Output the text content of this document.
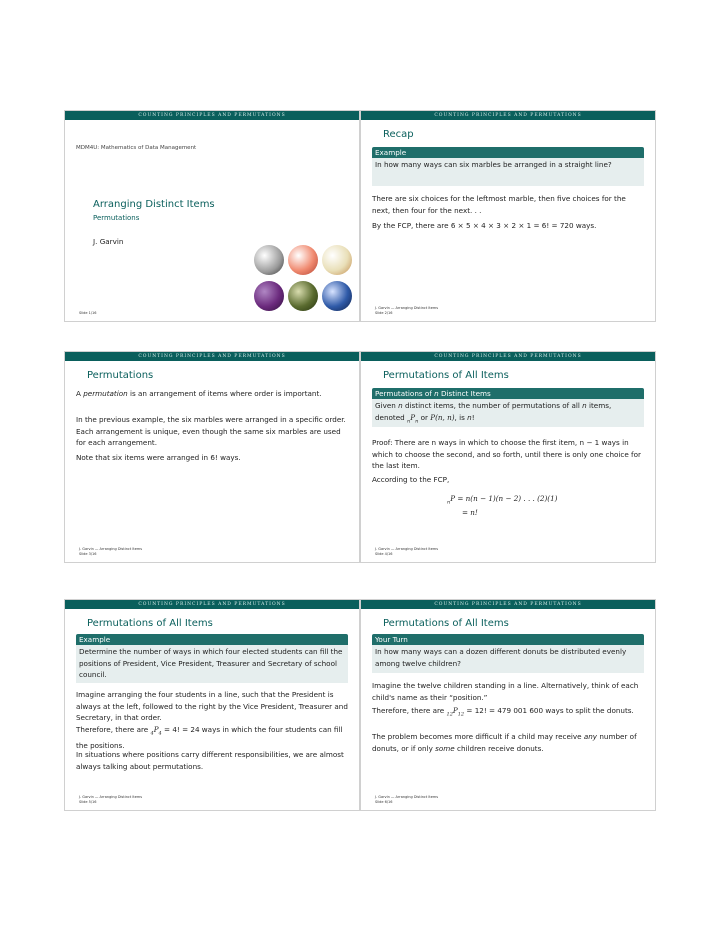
COUNTING PRINCIPLES AND PERMUTATIONS
MDM4U: Mathematics of Data Management
Arranging Distinct Items
Permutations
J. Garvin
Slide 1/16
COUNTING PRINCIPLES AND PERMUTATIONS
Recap
Example
In how many ways can six marbles be arranged in a straight line?
There are six choices for the leftmost marble, then five choices for the next, then four for the next. . .
By the FCP, there are 6 × 5 × 4 × 3 × 2 × 1 = 6! = 720 ways.
J. Garvin — Arranging Distinct Items
Slide 2/16
COUNTING PRINCIPLES AND PERMUTATIONS
Permutations
A permutation is an arrangement of items where order is important.
In the previous example, the six marbles were arranged in a specific order. Each arrangement is unique, even though the same six marbles are used for each arrangement.
Note that six items were arranged in 6! ways.
J. Garvin — Arranging Distinct Items
Slide 3/16
COUNTING PRINCIPLES AND PERMUTATIONS
Permutations of All Items
Permutations of n Distinct Items
Given n distinct items, the number of permutations of all n items, denoted $_nP_n$ or P(n, n), is n!
Proof: There are n ways in which to choose the first item, n − 1 ways in which to choose the second, and so forth, until there is only one choice for the last item.
According to the FCP,
$_n$P = n(n − 1)(n − 2) . . . (2)(1)
= n!
J. Garvin — Arranging Distinct Items
Slide 4/16
COUNTING PRINCIPLES AND PERMUTATIONS
Permutations of All Items
Example
Determine the number of ways in which four elected students can fill the positions of President, Vice President, Treasurer and Secretary of school council.
Imagine arranging the four students in a line, such that the President is always at the left, followed to the right by the Vice President, Treasurer and Secretary, in that order.
Therefore, there are $_4P_4 = 4$! = 24 ways in which the four students can fill the positions.
In situations where positions carry different responsibilities, we are almost always talking about permutations.
J. Garvin — Arranging Distinct Items
Slide 5/16
COUNTING PRINCIPLES AND PERMUTATIONS
Permutations of All Items
Your Turn
In how many ways can a dozen different donuts be distributed evenly among twelve children?
Imagine the twelve children standing in a line. Alternatively, think of each child's name as their “position.”
Therefore, there are $_{12}P_{12} = 12$! = 479 001 600 ways to split the donuts.
The problem becomes more difficult if a child may receive any number of donuts, or if only some children receive donuts.
J. Garvin — Arranging Distinct Items
Slide 6/16
